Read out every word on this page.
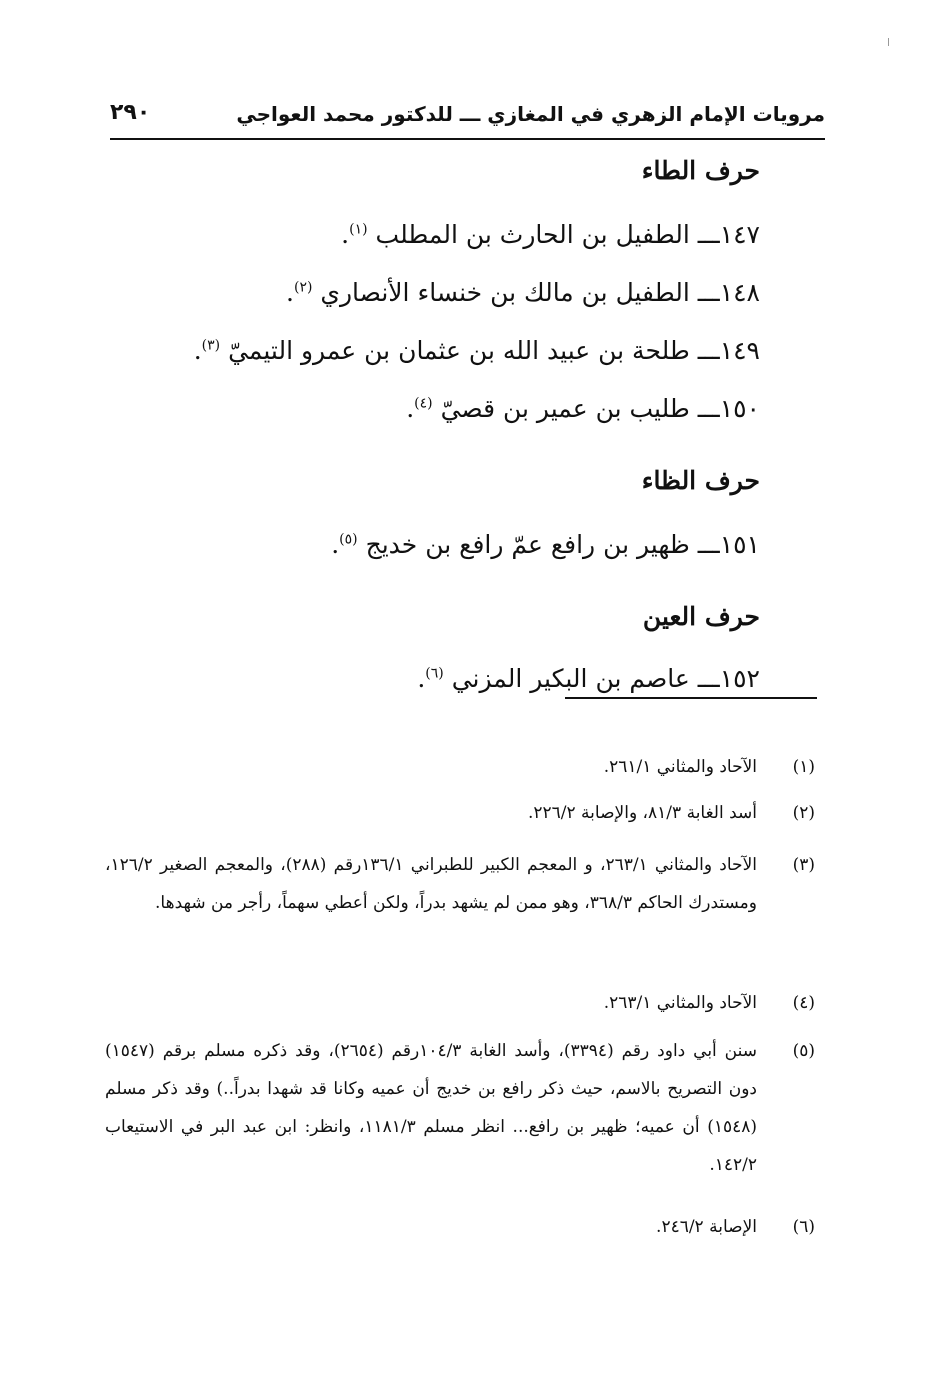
مرويات الإمام الزهري في المغازي ـــ للدكتور محمد العواجي
٢٩٠
حرف الطاء
١٤٧ـــ الطفيل بن الحارث بن المطلب $^{(١)}$.
١٤٨ـــ الطفيل بن مالك بن خنساء الأنصاري $^{(٢)}$.
١٤٩ـــ طلحة بن عبيد الله بن عثمان بن عمرو التيميّ $^{(٣)}$.
١٥٠ـــ طليب بن عمير بن قصيّ $^{(٤)}$.
حرف الظاء
١٥١ـــ ظهير بن رافع عمّ رافع بن خديج $^{(٥)}$.
حرف العين
١٥٢ـــ عاصم بن البكير المزني $^{(٦)}$.
(١)
الآحاد والمثاني ٢٦١/١.
(٢)
أسد الغابة ٨١/٣، والإصابة ٢٢٦/٢.
(٣)
الآحاد والمثاني ٢٦٣/١، و المعجم الكبير للطبراني ١٣٦/١رقم (٢٨٨)، والمعجم الصغير ١٢٦/٢، ومستدرك الحاكم ٣٦٨/٣، وهو ممن لم يشهد بدراً، ولكن أعطي سهماً، رأجر من شهدها.
(٤)
الآحاد والمثاني ٢٦٣/١.
(٥)
سنن أبي داود رقم (٣٣٩٤)، وأسد الغابة ١٠٤/٣رقم (٢٦٥٤)، وقد ذكره مسلم برقم (١٥٤٧) دون التصريح بالاسم، حيث ذكر رافع بن خديج أن عميه وكانا قد شهدا بدراً..) وقد ذكر مسلم (١٥٤٨) أن عميه؛ ظهير بن رافع... انظر مسلم ١١٨١/٣، وانظر: ابن عبد البر في الاستيعاب ١٤٢/٢.
(٦)
الإصابة ٢٤٦/٢.
